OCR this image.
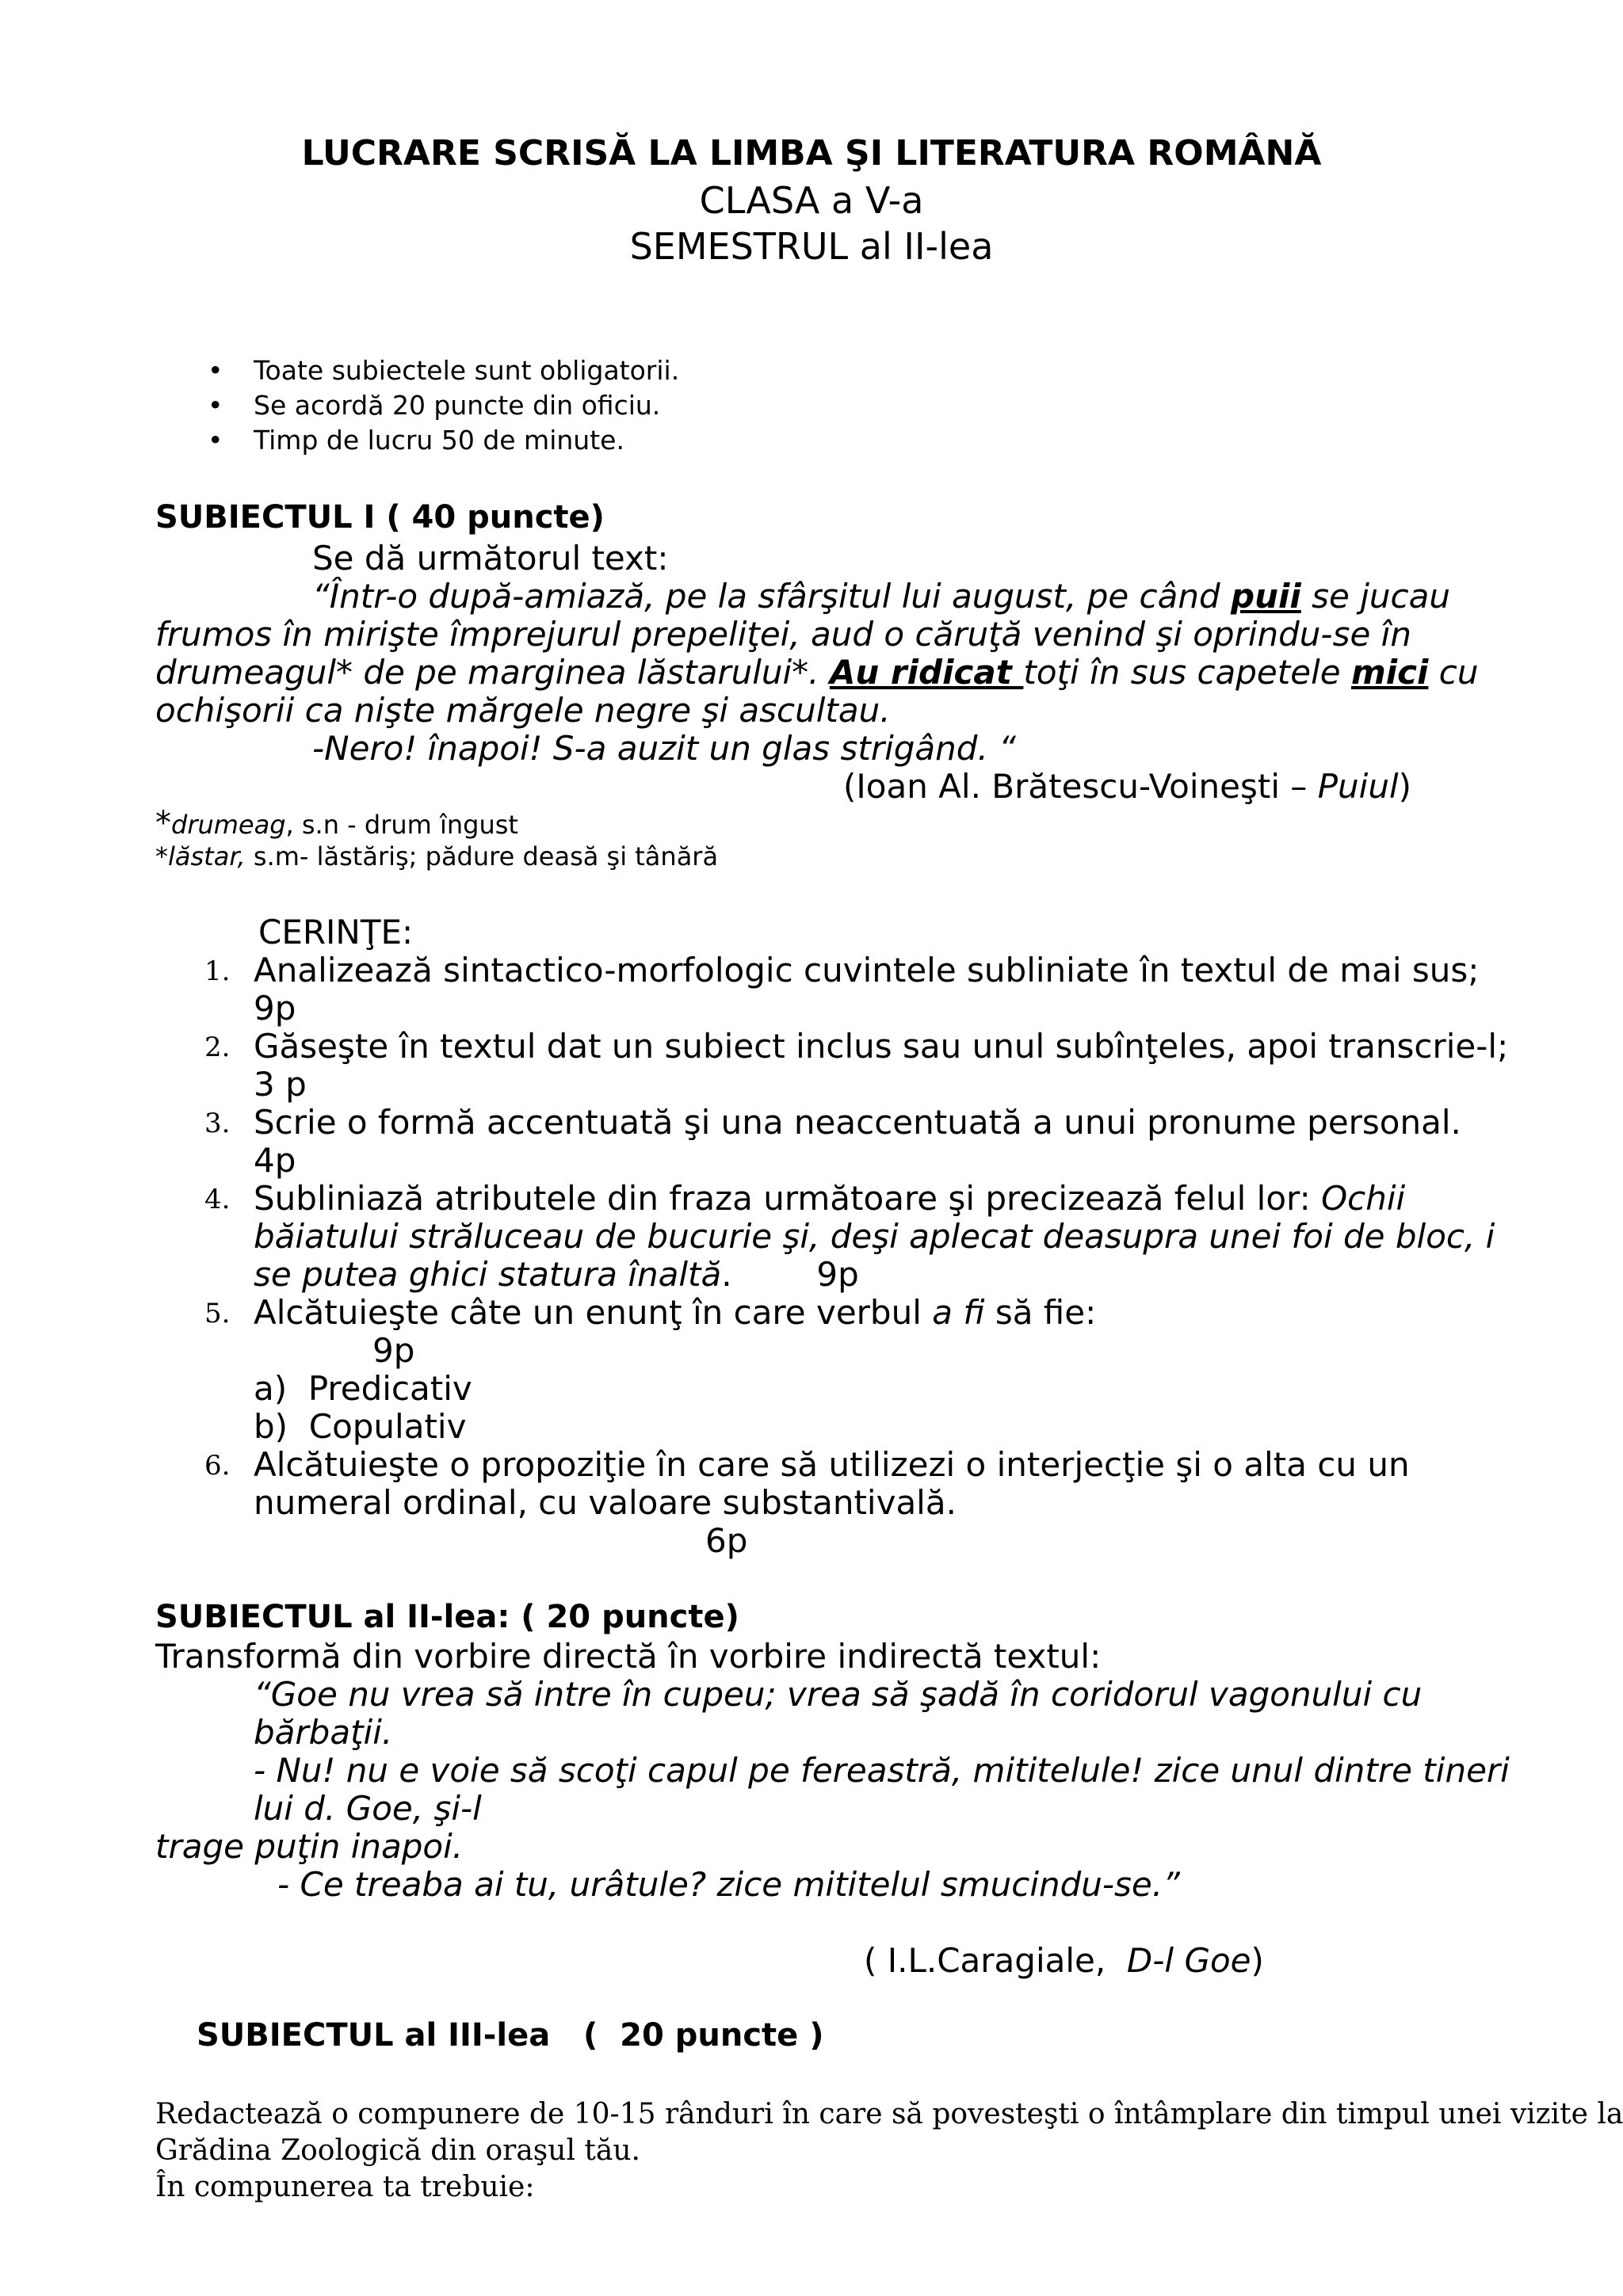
LUCRARE SCRISĂ LA LIMBA ŞI LITERATURA ROMÂNĂ
CLASA a V-a
SEMESTRUL al II-lea
• Toate subiectele sunt obligatorii.
• Se acordă 20 puncte din oficiu.
• Timp de lucru 50 de minute.
SUBIECTUL I ( 40 puncte)
Se dă următorul text:
“Într-o după-amiază, pe la sfârşitul lui august, pe când puii se jucau
frumos în mirişte împrejurul prepeliţei, aud o căruţă venind şi oprindu-se în
drumeagul* de pe marginea lăstarului*. Au ridicat toţi în sus capetele mici cu
ochişorii ca nişte mărgele negre şi ascultau.
-Nero! înapoi! S-a auzit un glas strigând. “
(Ioan Al. Brătescu-Voineşti – Puiul)
*drumeag, s.n - drum îngust
*lăstar, s.m- lăstăriş; pădure deasă şi tânără
CERINŢE:
1. Analizează sintactico-morfologic cuvintele subliniate în textul de mai sus;
9p
2. Găseşte în textul dat un subiect inclus sau unul subînţeles, apoi transcrie-l;
3 p
3. Scrie o formă accentuată şi una neaccentuată a unui pronume personal.
4p
4. Subliniază atributele din fraza următoare şi precizează felul lor: Ochii
băiatului străluceau de bucurie şi, deşi aplecat deasupra unei foi de bloc, i
se putea ghici statura înaltă.        9p
5. Alcătuieşte câte un enunţ în care verbul a fi să fie:
9p
a)  Predicativ
b)  Copulativ
6. Alcătuieşte o propoziţie în care să utilizezi o interjecţie şi o alta cu un
numeral ordinal, cu valoare substantivală.
6p
SUBIECTUL al II-lea: ( 20 puncte)
Transformă din vorbire directă în vorbire indirectă textul:
“Goe nu vrea să intre în cupeu; vrea să şadă în coridorul vagonului cu
bărbaţii.
- Nu! nu e voie să scoţi capul pe fereastră, mititelule! zice unul dintre tineri
lui d. Goe, şi-l
trage puţin inapoi.
- Ce treaba ai tu, urâtule? zice mititelul smucindu-se.”
( I.L.Caragiale,  D-l Goe)
SUBIECTUL al III-lea   (  20 puncte )
Redactează o compunere de 10-15 rânduri în care să povesteşti o întâmplare din timpul unei vizite la
Grădina Zoologică din oraşul tău.
În compunerea ta trebuie:
